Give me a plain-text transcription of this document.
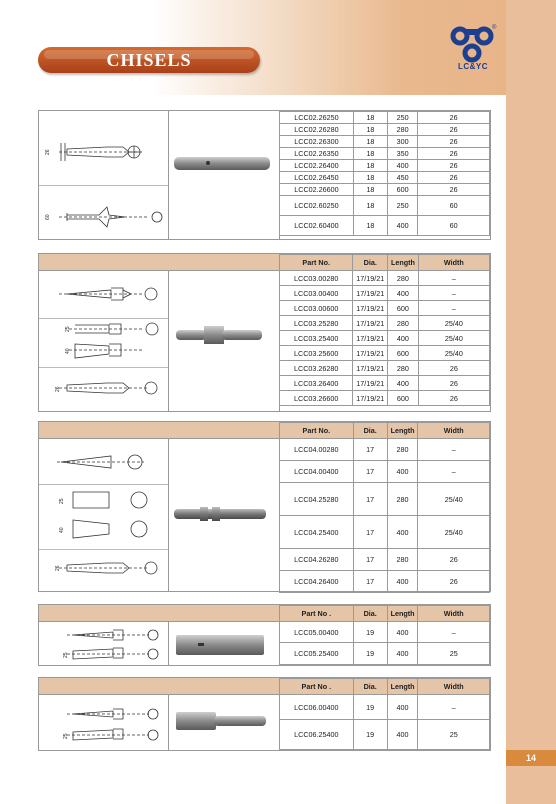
14
CHISELS
®
LC&YC
26
60
LCC02.26250	18	250	26
LCC02.26280	18	280	26
LCC02.26300	18	300	26
LCC02.26350	18	350	26
LCC02.26400	18	400	26
LCC02.26450	18	450	26
LCC02.26600	18	600	26
LCC02.60250	18	250	60
LCC02.60400	18	400	60
25
40
26
Part No.	Dia.	Length	Width
LCC03.00280	17/19/21	280	–
LCC03.00400	17/19/21	400	–
LCC03.00600	17/19/21	600	–
LCC03.25280	17/19/21	280	25/40
LCC03.25400	17/19/21	400	25/40
LCC03.25600	17/19/21	600	25/40
LCC03.26280	17/19/21	280	26
LCC03.26400	17/19/21	400	26
LCC03.26600	17/19/21	600	26
25
40
26
Part No.	Dia.	Length	Width
LCC04.00280	17	280	–
LCC04.00400	17	400	–
LCC04.25280	17	280	25/40
LCC04.25400	17	400	25/40
LCC04.26280	17	280	26
LCC04.26400	17	400	26
25
Part No .	Dia.	Length	Width
LCC05.00400	19	400	–
LCC05.25400	19	400	25
25
Part No .	Dia.	Length	Width
LCC06.00400	19	400	–
LCC06.25400	19	400	25
